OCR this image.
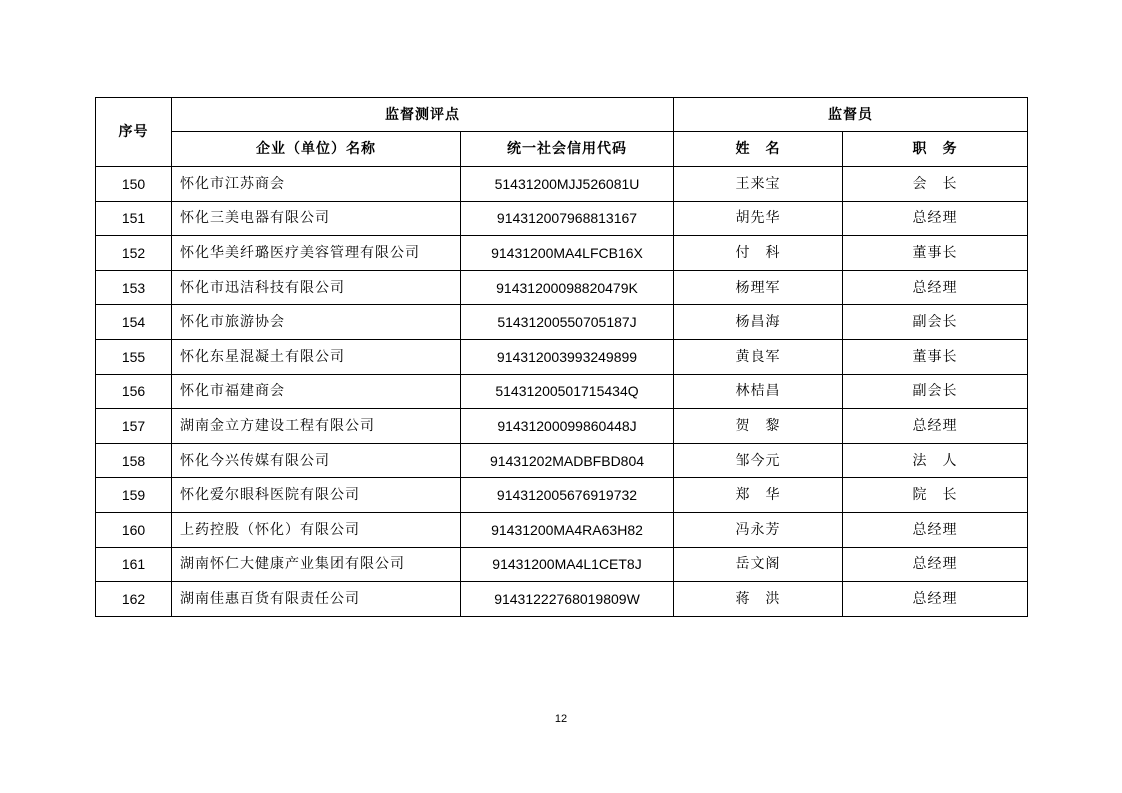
序号	监督测评点		监督员	
	企业（单位）名称	统一社会信用代码	姓　名	职　务
150	怀化市江苏商会	51431200MJJ526081U	王来宝	会　长
151	怀化三美电器有限公司	914312007968813167	胡先华	总经理
152	怀化华美纤璐医疗美容管理有限公司	91431200MA4LFCB16X	付　科	董事长
153	怀化市迅洁科技有限公司	91431200098820479K	杨理军	总经理
154	怀化市旅游协会	51431200550705187J	杨昌海	副会长
155	怀化东星混凝土有限公司	914312003993249899	黄良军	董事长
156	怀化市福建商会	51431200501715434Q	林桔昌	副会长
157	湖南金立方建设工程有限公司	91431200099860448J	贺　黎	总经理
158	怀化今兴传媒有限公司	91431202MADBFBD804	邹今元	法　人
159	怀化爱尔眼科医院有限公司	914312005676919732	郑　华	院　长
160	上药控股（怀化）有限公司	91431200MA4RA63H82	冯永芳	总经理
161	湖南怀仁大健康产业集团有限公司	91431200MA4L1CET8J	岳文阁	总经理
162	湖南佳惠百货有限责任公司	91431222768019809W	蒋　洪	总经理
12
